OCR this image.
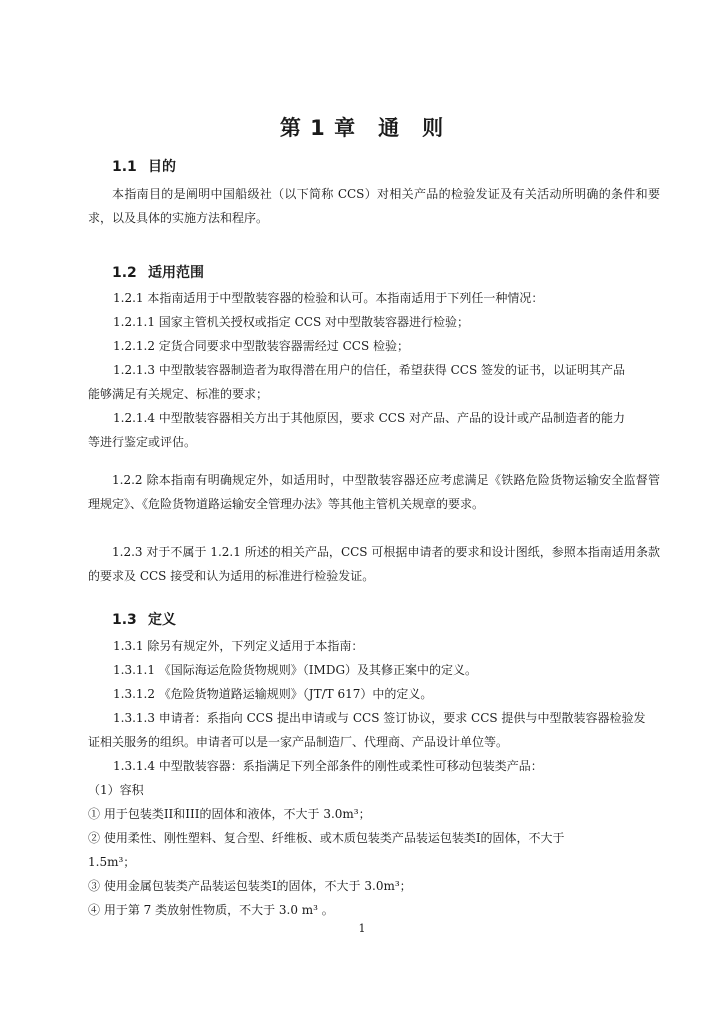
第 1 章 通　则
1.1 目的
本指南目的是阐明中国船级社（以下简称 CCS）对相关产品的检验发证及有关活动所明确的条件和要求，以及具体的实施方法和程序。
1.2 适用范围
1.2.1 本指南适用于中型散装容器的检验和认可。本指南适用于下列任一种情况：
1.2.1.1 国家主管机关授权或指定 CCS 对中型散装容器进行检验；
1.2.1.2 定货合同要求中型散装容器需经过 CCS 检验；
1.2.1.3 中型散装容器制造者为取得潜在用户的信任，希望获得 CCS 签发的证书，以证明其产品
能够满足有关规定、标准的要求；
1.2.1.4 中型散装容器相关方出于其他原因，要求 CCS 对产品、产品的设计或产品制造者的能力
等进行鉴定或评估。
1.2.2 除本指南有明确规定外，如适用时，中型散装容器还应考虑满足《铁路危险货物运输安全监督管理规定》、《危险货物道路运输安全管理办法》等其他主管机关规章的要求。
1.2.3 对于不属于 1.2.1 所述的相关产品，CCS 可根据申请者的要求和设计图纸，参照本指南适用条款的要求及 CCS 接受和认为适用的标准进行检验发证。
1.3 定义
1.3.1 除另有规定外，下列定义适用于本指南：
1.3.1.1 《国际海运危险货物规则》（IMDG）及其修正案中的定义。
1.3.1.2 《危险货物道路运输规则》（JT/T 617）中的定义。
1.3.1.3 申请者：系指向 CCS 提出申请或与 CCS 签订协议，要求 CCS 提供与中型散装容器检验发
证相关服务的组织。申请者可以是一家产品制造厂、代理商、产品设计单位等。
1.3.1.4 中型散装容器：系指满足下列全部条件的刚性或柔性可移动包装类产品：
（1）容积
① 用于包装类II和III的固体和液体，不大于 3.0m³；
② 使用柔性、刚性塑料、复合型、纤维板、或木质包装类产品装运包装类I的固体，不大于
1.5m³；
③ 使用金属包装类产品装运包装类I的固体，不大于 3.0m³；
④ 用于第 7 类放射性物质，不大于 3.0 m³ 。
1
